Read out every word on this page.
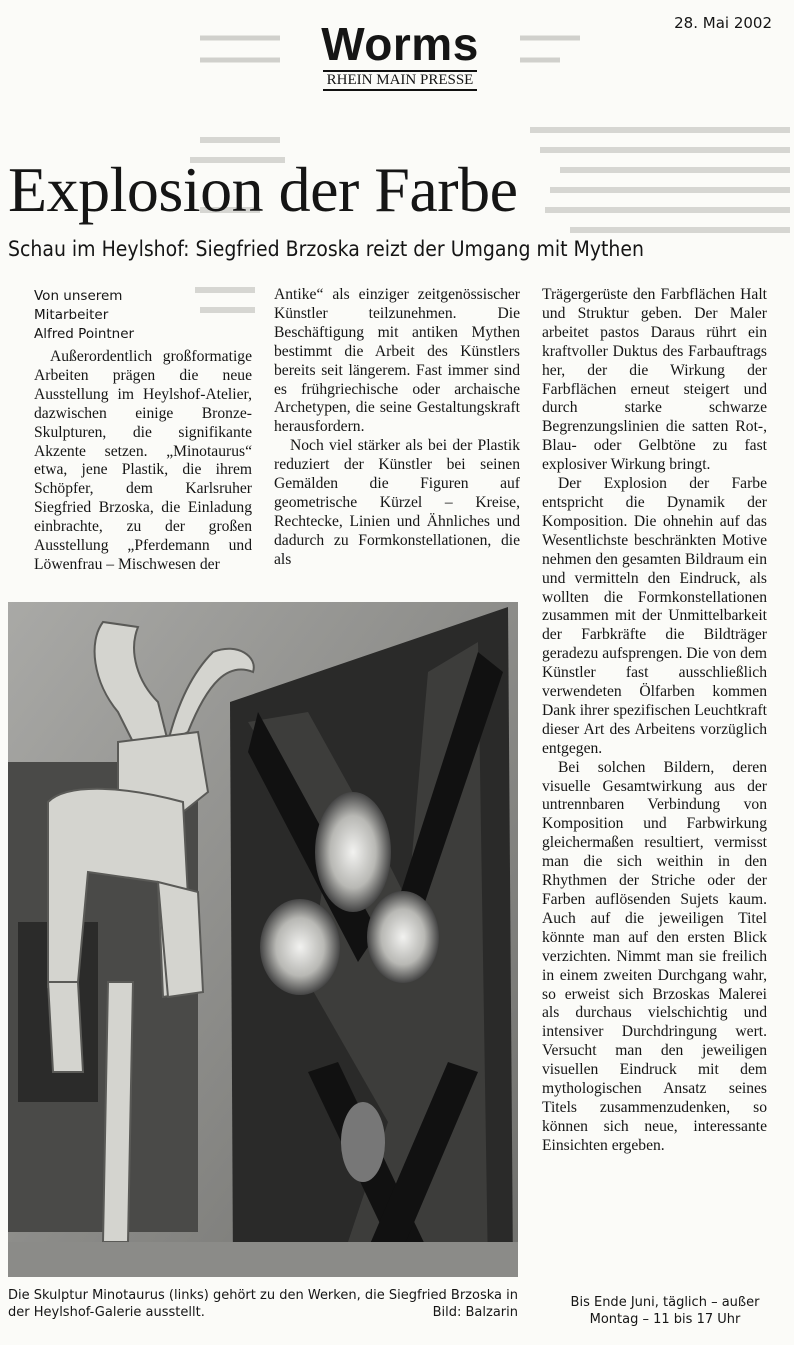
28. Mai 2002
Worms
RHEIN MAIN PRESSE
Explosion der Farbe
Schau im Heylshof: Siegfried Brzoska reizt der Umgang mit Mythen
Von unserem
Mitarbeiter
Alfred Pointner

Außerordentlich großformatige Arbeiten prägen die neue Ausstellung im Heylshof-Atelier, dazwischen einige Bronze-Skulpturen, die signifikante Akzente setzen. „Minotaurus“ etwa, jene Plastik, die ihrem Schöpfer, dem Karlsruher Siegfried Brzoska, die Einladung einbrachte, zu der großen Ausstellung „Pferdemann und Löwenfrau – Mischwesen der

Antike“ als einziger zeitgenössischer Künstler teilzunehmen. Die Beschäftigung mit antiken Mythen bestimmt die Arbeit des Künstlers bereits seit längerem. Fast immer sind es frühgriechische oder archaische Archetypen, die seine Gestaltungskraft herausfordern.

Noch viel stärker als bei der Plastik reduziert der Künstler bei seinen Gemälden die Figuren auf geometrische Kürzel – Kreise, Rechtecke, Linien und Ähnliches und dadurch zu Formkonstellationen, die als

Trägergerüste den Farbflächen Halt und Struktur geben. Der Maler arbeitet pastos Daraus rührt ein kraftvoller Duktus des Farbauftrags her, der die Wirkung der Farbflächen erneut steigert und durch starke schwarze Begrenzungslinien die satten Rot-, Blau- oder Gelbtöne zu fast explosiver Wirkung bringt.

Der Explosion der Farbe entspricht die Dynamik der Komposition. Die ohnehin auf das Wesentlichste beschränkten Motive nehmen den gesamten Bildraum ein und vermitteln den Eindruck, als wollten die Formkonstellationen zusammen mit der Unmittelbarkeit der Farbkräfte die Bildträger geradezu aufsprengen. Die von dem Künstler fast ausschließlich verwendeten Ölfarben kommen Dank ihrer spezifischen Leuchtkraft dieser Art des Arbeitens vorzüglich entgegen.

Bei solchen Bildern, deren visuelle Gesamtwirkung aus der untrennbaren Verbindung von Komposition und Farbwirkung gleichermaßen resultiert, vermisst man die sich weithin in den Rhythmen der Striche oder der Farben auflösenden Sujets kaum. Auch auf die jeweiligen Titel könnte man auf den ersten Blick verzichten. Nimmt man sie freilich in einem zweiten Durchgang wahr, so erweist sich Brzoskas Malerei als durchaus vielschichtig und intensiver Durchdringung wert. Versucht man den jeweiligen visuellen Eindruck mit dem mythologischen Ansatz seines Titels zusammenzudenken, so können sich neue, interessante Einsichten ergeben.

Die Skulptur Minotaurus (links) gehört zu den Werken, die Siegfried Brzoska in der Heylshof-Galerie ausstellt.	Bild: Balzarin
Bis Ende Juni, täglich – außer
Montag – 11 bis 17 Uhr
